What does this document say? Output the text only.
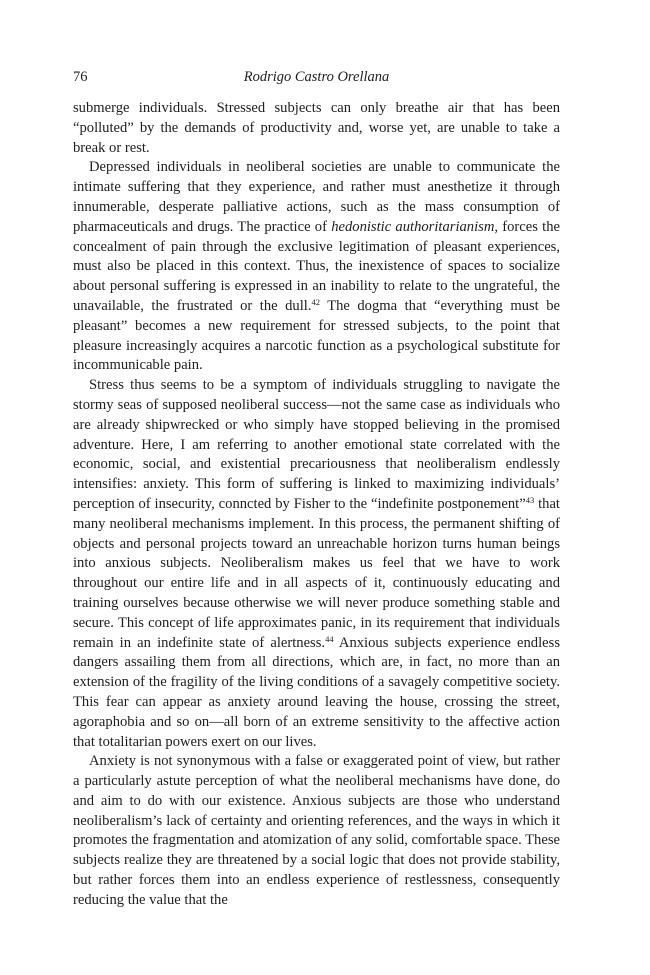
76	Rodrigo Castro Orellana

submerge individuals. Stressed subjects can only breathe air that has been “polluted” by the demands of productivity and, worse yet, are unable to take a break or rest.

Depressed individuals in neoliberal societies are unable to communicate the intimate suffering that they experience, and rather must anesthetize it through innumerable, desperate palliative actions, such as the mass consumption of pharmaceuticals and drugs. The practice of hedonistic authoritarianism, forces the concealment of pain through the exclusive legitimation of pleasant experiences, must also be placed in this context. Thus, the inexistence of spaces to socialize about personal suffering is expressed in an inability to relate to the ungrateful, the unavailable, the frustrated or the dull.$^{42}$ The dogma that “everything must be pleasant” becomes a new requirement for stressed subjects, to the point that pleasure increasingly acquires a narcotic function as a psychological substitute for incommunicable pain.

Stress thus seems to be a symptom of individuals struggling to navigate the stormy seas of supposed neoliberal success—not the same case as individuals who are already shipwrecked or who simply have stopped believing in the promised adventure. Here, I am referring to another emotional state correlated with the economic, social, and existential precariousness that neoliberalism endlessly intensifies: anxiety. This form of suffering is linked to maximizing individuals’ perception of insecurity, conncted by Fisher to the “indefinite postponement”$^{43}$ that many neoliberal mechanisms implement. In this process, the permanent shifting of objects and personal projects toward an unreachable horizon turns human beings into anxious subjects. Neoliberalism makes us feel that we have to work throughout our entire life and in all aspects of it, continuously educating and training ourselves because otherwise we will never produce something stable and secure. This concept of life approximates panic, in its requirement that individuals remain in an indefinite state of alertness.$^{44}$ Anxious subjects experience endless dangers assailing them from all directions, which are, in fact, no more than an extension of the fragility of the living conditions of a savagely competitive society. This fear can appear as anxiety around leaving the house, crossing the street, agoraphobia and so on—all born of an extreme sensitivity to the affective action that totalitarian powers exert on our lives.

Anxiety is not synonymous with a false or exaggerated point of view, but rather a particularly astute perception of what the neoliberal mechanisms have done, do and aim to do with our existence. Anxious subjects are those who understand neoliberalism’s lack of certainty and orienting references, and the ways in which it promotes the fragmentation and atomization of any solid, comfortable space. These subjects realize they are threatened by a social logic that does not provide stability, but rather forces them into an endless experience of restlessness, consequently reducing the value that the
